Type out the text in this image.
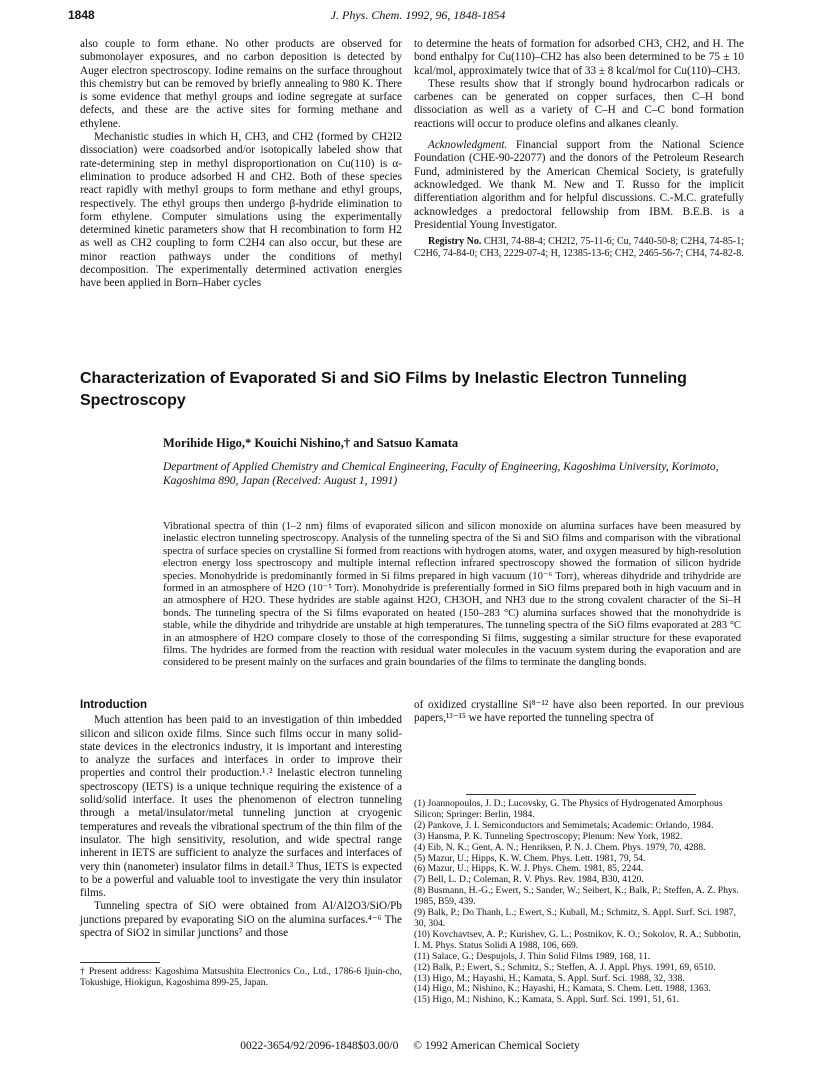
1848	J. Phys. Chem. 1992, 96, 1848-1854

also couple to form ethane. No other products are observed for submonolayer exposures, and no carbon deposition is detected by Auger electron spectroscopy. Iodine remains on the surface throughout this chemistry but can be removed by briefly annealing to 980 K. There is some evidence that methyl groups and iodine segregate at surface defects, and these are the active sites for forming methane and ethylene.

Mechanistic studies in which H, CH3, and CH2 (formed by CH2I2 dissociation) were coadsorbed and/or isotopically labeled show that rate-determining step in methyl disproportionation on Cu(110) is α-elimination to produce adsorbed H and CH2. Both of these species react rapidly with methyl groups to form methane and ethyl groups, respectively. The ethyl groups then undergo β-hydride elimination to form ethylene. Computer simulations using the experimentally determined kinetic parameters show that H recombination to form H2 as well as CH2 coupling to form C2H4 can also occur, but these are minor reaction pathways under the conditions of methyl decomposition. The experimentally determined activation energies have been applied in Born–Haber cycles

to determine the heats of formation for adsorbed CH3, CH2, and H. The bond enthalpy for Cu(110)–CH2 has also been determined to be 75 ± 10 kcal/mol, approximately twice that of 33 ± 8 kcal/mol for Cu(110)–CH3.

These results show that if strongly bound hydrocarbon radicals or carbenes can be generated on copper surfaces, then C–H bond dissociation as well as a variety of C–H and C–C bond formation reactions will occur to produce olefins and alkanes cleanly.

Acknowledgment. Financial support from the National Science Foundation (CHE-90-22077) and the donors of the Petroleum Research Fund, administered by the American Chemical Society, is gratefully acknowledged. We thank M. New and T. Russo for the implicit differentiation algorithm and for helpful discussions. C.-M.C. gratefully acknowledges a predoctoral fellowship from IBM. B.E.B. is a Presidential Young Investigator.

Registry No. CH3I, 74-88-4; CH2I2, 75-11-6; Cu, 7440-50-8; C2H4, 74-85-1; C2H6, 74-84-0; CH3, 2229-07-4; H, 12385-13-6; CH2, 2465-56-7; CH4, 74-82-8.

Characterization of Evaporated Si and SiO Films by Inelastic Electron Tunneling Spectroscopy
Morihide Higo,* Kouichi Nishino,† and Satsuo Kamata
Department of Applied Chemistry and Chemical Engineering, Faculty of Engineering, Kagoshima University, Korimoto, Kagoshima 890, Japan (Received: August 1, 1991)
Vibrational spectra of thin (1–2 nm) films of evaporated silicon and silicon monoxide on alumina surfaces have been measured by inelastic electron tunneling spectroscopy. Analysis of the tunneling spectra of the Si and SiO films and comparison with the vibrational spectra of surface species on crystalline Si formed from reactions with hydrogen atoms, water, and oxygen measured by high-resolution electron energy loss spectroscopy and multiple internal reflection infrared spectroscopy showed the formation of silicon hydride species. Monohydride is predominantly formed in Si films prepared in high vacuum (10⁻⁶ Torr), whereas dihydride and trihydride are formed in an atmosphere of H2O (10⁻⁵ Torr). Monohydride is preferentially formed in SiO films prepared both in high vacuum and in an atmosphere of H2O. These hydrides are stable against H2O, CH3OH, and NH3 due to the strong covalent character of the Si–H bonds. The tunneling spectra of the Si films evaporated on heated (150–283 °C) alumina surfaces showed that the monohydride is stable, while the dihydride and trihydride are unstable at high temperatures. The tunneling spectra of the SiO films evaporated at 283 °C in an atmosphere of H2O compare closely to those of the corresponding Si films, suggesting a similar structure for these evaporated films. The hydrides are formed from the reaction with residual water molecules in the vacuum system during the evaporation and are considered to be present mainly on the surfaces and grain boundaries of the films to terminate the dangling bonds.
Introduction

Much attention has been paid to an investigation of thin imbedded silicon and silicon oxide films. Since such films occur in many solid-state devices in the electronics industry, it is important and interesting to analyze the surfaces and interfaces in order to improve their properties and control their production.¹˒² Inelastic electron tunneling spectroscopy (IETS) is a unique technique requiring the existence of a solid/solid interface. It uses the phenomenon of electron tunneling through a metal/insulator/metal tunneling junction at cryogenic temperatures and reveals the vibrational spectrum of the thin film of the insulator. The high sensitivity, resolution, and wide spectral range inherent in IETS are sufficient to analyze the surfaces and interfaces of very thin (nanometer) insulator films in detail.³ Thus, IETS is expected to be a powerful and valuable tool to investigate the very thin insulator films.

Tunneling spectra of SiO were obtained from Al/Al2O3/SiO/Pb junctions prepared by evaporating SiO on the alumina surfaces.⁴⁻⁶ The spectra of SiO2 in similar junctions⁷ and those

† Present address: Kagoshima Matsushita Electronics Co., Ltd., 1786-6 Ijuin-cho, Tokushige, Hiokigun, Kagoshima 899-25, Japan.

of oxidized crystalline Si⁸⁻¹² have also been reported. In our previous papers,¹³⁻¹⁵ we have reported the tunneling spectra of

(1) Joannopoulos, J. D.; Lucovsky, G. The Physics of Hydrogenated Amorphous Silicon; Springer: Berlin, 1984.

(2) Pankove, J. I. Semiconductors and Semimetals; Academic: Orlando, 1984.

(3) Hansma, P. K. Tunneling Spectroscopy; Plenum: New York, 1982.

(4) Eib, N. K.; Gent, A. N.; Henriksen, P. N. J. Chem. Phys. 1979, 70, 4288.

(5) Mazur, U.; Hipps, K. W. Chem. Phys. Lett. 1981, 79, 54.

(6) Mazur, U.; Hipps, K. W. J. Phys. Chem. 1981, 85, 2244.

(7) Bell, L. D.; Coleman, R. V. Phys. Rev. 1984, B30, 4120.

(8) Busmann, H.-G.; Ewert, S.; Sander, W.; Seibert, K.; Balk, P.; Steffen, A. Z. Phys. 1985, B59, 439.

(9) Balk, P.; Do Thanh, L.; Ewert, S.; Kuball, M.; Schmitz, S. Appl. Surf. Sci. 1987, 30, 304.

(10) Kovchavtsev, A. P.; Kurishev, G. L.; Postnikov, K. O.; Sokolov, R. A.; Subbotin, I. M. Phys. Status Solidi A 1988, 106, 669.

(11) Salace, G.; Despujols, J. Thin Solid Films 1989, 168, 11.

(12) Balk, P.; Ewert, S.; Schmitz, S.; Steffen, A. J. Appl. Phys. 1991, 69, 6510.

(13) Higo, M.; Hayashi, H.; Kamata, S. Appl. Surf. Sci. 1988, 32, 338.

(14) Higo, M.; Nishino, K.; Hayashi, H.; Kamata, S. Chem. Lett. 1988, 1363.

(15) Higo, M.; Nishino, K.; Kamata, S. Appl. Surf. Sci. 1991, 51, 61.

0022-3654/92/2096-1848$03.00/0 © 1992 American Chemical Society
